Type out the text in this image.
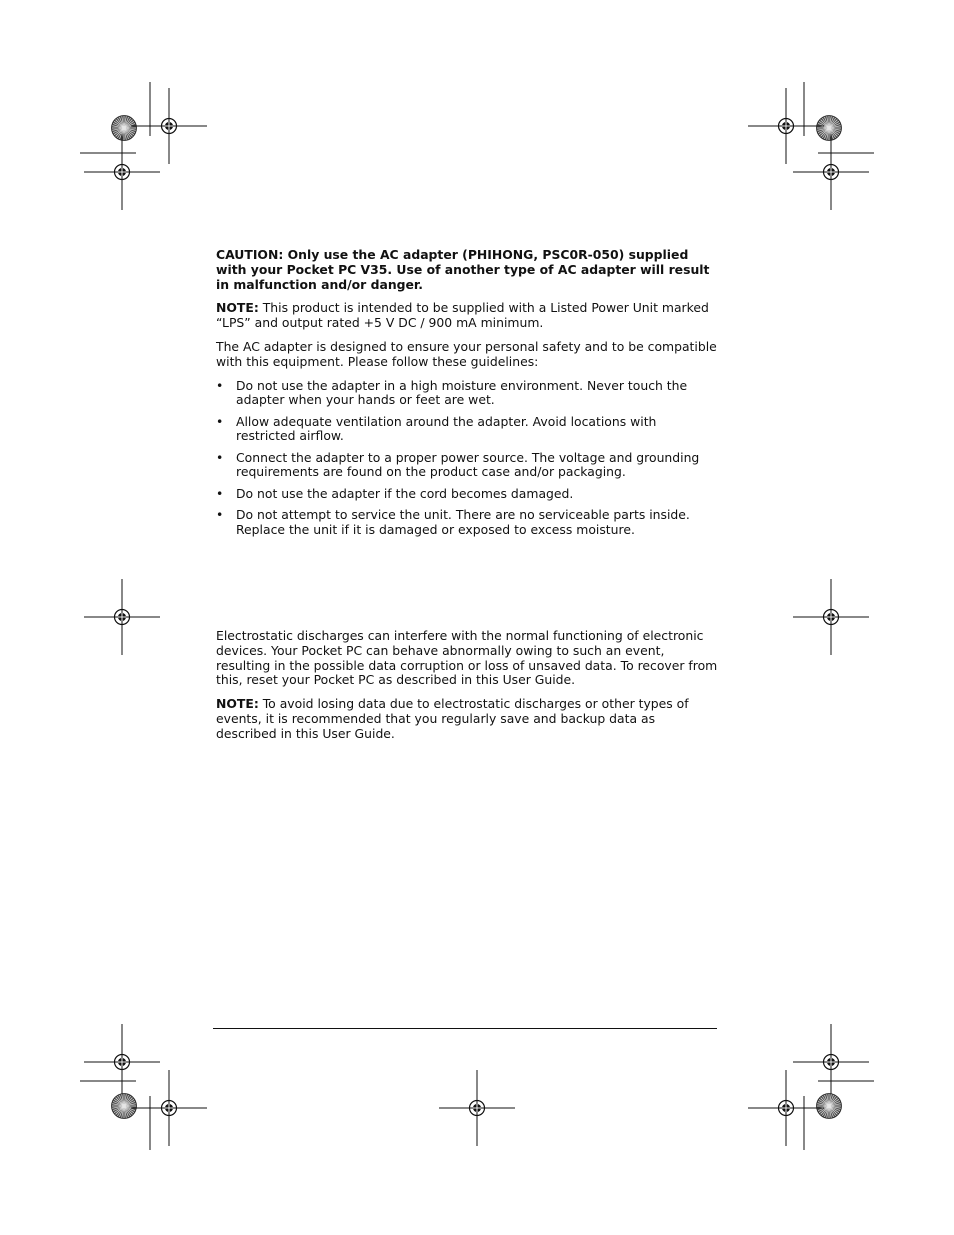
CAUTION: Only use the AC adapter (PHIHONG, PSC0R-050) supplied with your Pocket PC V35. Use of another type of AC adapter will result in malfunction and/or danger.

NOTE: This product is intended to be supplied with a Listed Power Unit marked “LPS” and output rated +5 V DC / 900 mA minimum.

The AC adapter is designed to ensure your personal safety and to be compatible with this equipment. Please follow these guidelines:

• Do not use the adapter in a high moisture environment. Never touch the adapter when your hands or feet are wet.
• Allow adequate ventilation around the adapter. Avoid locations with restricted airflow.
• Connect the adapter to a proper power source. The voltage and grounding requirements are found on the product case and/or packaging.
• Do not use the adapter if the cord becomes damaged.
• Do not attempt to service the unit. There are no serviceable parts inside. Replace the unit if it is damaged or exposed to excess moisture.

Electrostatic discharges can interfere with the normal functioning of electronic devices. Your Pocket PC can behave abnormally owing to such an event, resulting in the possible data corruption or loss of unsaved data. To recover from this, reset your Pocket PC as described in this User Guide.

NOTE: To avoid losing data due to electrostatic discharges or other types of events, it is recommended that you regularly save and backup data as described in this User Guide.
